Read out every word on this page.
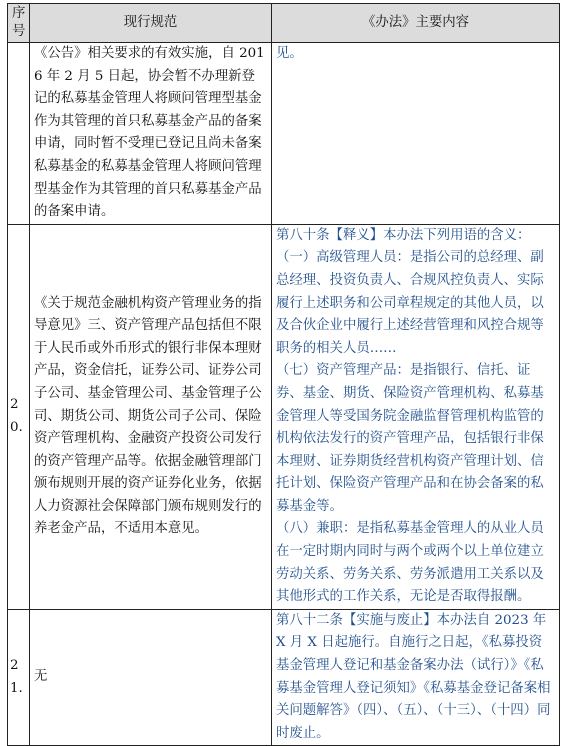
序号	现行规范	《办法》主要内容
	《公告》相关要求的有效实施，自 2016 年 2 月 5 日起，协会暂不办理新登记的私募基金管理人将顾问管理型基金作为其管理的首只私募基金产品的备案申请，同时暂不受理已登记且尚未备案私募基金的私募基金管理人将顾问管理型基金作为其管理的首只私募基金产品的备案申请。	见。

20.	《关于规范金融机构资产管理业务的指导意见》三、资产管理产品包括但不限于人民币或外币形式的银行非保本理财产品，资金信托，证券公司、证券公司子公司、基金管理公司、基金管理子公司、期货公司、期货公司子公司、保险资产管理机构、金融资产投资公司发行的资产管理产品等。依据金融管理部门颁布规则开展的资产证券化业务，依据人力资源社会保障部门颁布规则发行的养老金产品，不适用本意见。	第八十条【释义】本办法下列用语的含义：

（一）高级管理人员：是指公司的总经理、副总经理、投资负责人、合规风控负责人、实际履行上述职务和公司章程规定的其他人员，以及合伙企业中履行上述经营管理和风控合规等职务的相关人员……

（七）资产管理产品：是指银行、信托、证券、基金、期货、保险资产管理机构、私募基金管理人等受国务院金融监督管理机构监管的机构依法发行的资产管理产品，包括银行非保本理财、证券期货经营机构资产管理计划、信托计划、保险资产管理产品和在协会备案的私募基金等。

（八）兼职：是指私募基金管理人的从业人员在一定时期内同时与两个或两个以上单位建立劳动关系、劳务关系、劳务派遣用工关系以及其他形式的工作关系，无论是否取得报酬。

21.	无	第八十二条【实施与废止】本办法自 2023 年 X 月 X 日起施行。自施行之日起，《私募投资基金管理人登记和基金备案办法（试行）》《私募基金管理人登记须知》《私募基金登记备案相关问题解答》（四）、（五）、（十三）、（十四）同时废止。
